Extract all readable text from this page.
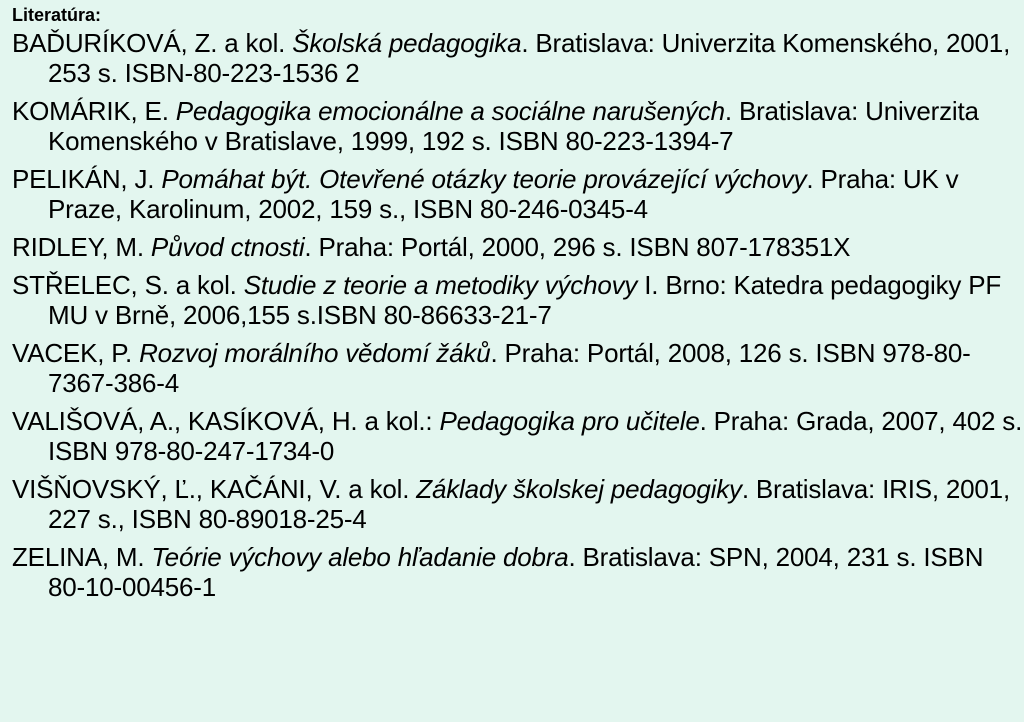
Literatúra:

BAĎURÍKOVÁ, Z. a kol. Školská pedagogika. Bratislava: Univerzita Komenského, 2001, 253 s. ISBN-80-223-1536 2
KOMÁRIK, E. Pedagogika emocionálne a sociálne narušených. Bratislava: Univerzita Komenského v Bratislave, 1999, 192 s. ISBN 80-223-1394-7
PELIKÁN, J. Pomáhat být. Otevřené otázky teorie provázející výchovy. Praha: UK v Praze, Karolinum, 2002, 159 s., ISBN 80-246-0345-4
RIDLEY, M. Původ ctnosti. Praha: Portál, 2000, 296 s. ISBN 807-178351X
STŘELEC, S. a kol. Studie z teorie a metodiky výchovy I. Brno: Katedra pedagogiky PF MU v Brně, 2006,155 s.ISBN 80-86633-21-7
VACEK, P. Rozvoj morálního vědomí žáků. Praha: Portál, 2008, 126 s. ISBN 978-80-7367-386-4
VALIŠOVÁ, A., KASÍKOVÁ, H. a kol.: Pedagogika pro učitele. Praha: Grada, 2007, 402 s. ISBN 978-80-247-1734-0
VIŠŇOVSKÝ, Ľ., KAČÁNI, V. a kol. Základy školskej pedagogiky. Bratislava: IRIS, 2001, 227 s., ISBN 80-89018-25-4
ZELINA, M. Teórie výchovy alebo hľadanie dobra. Bratislava: SPN, 2004, 231 s. ISBN 80-10-00456-1
